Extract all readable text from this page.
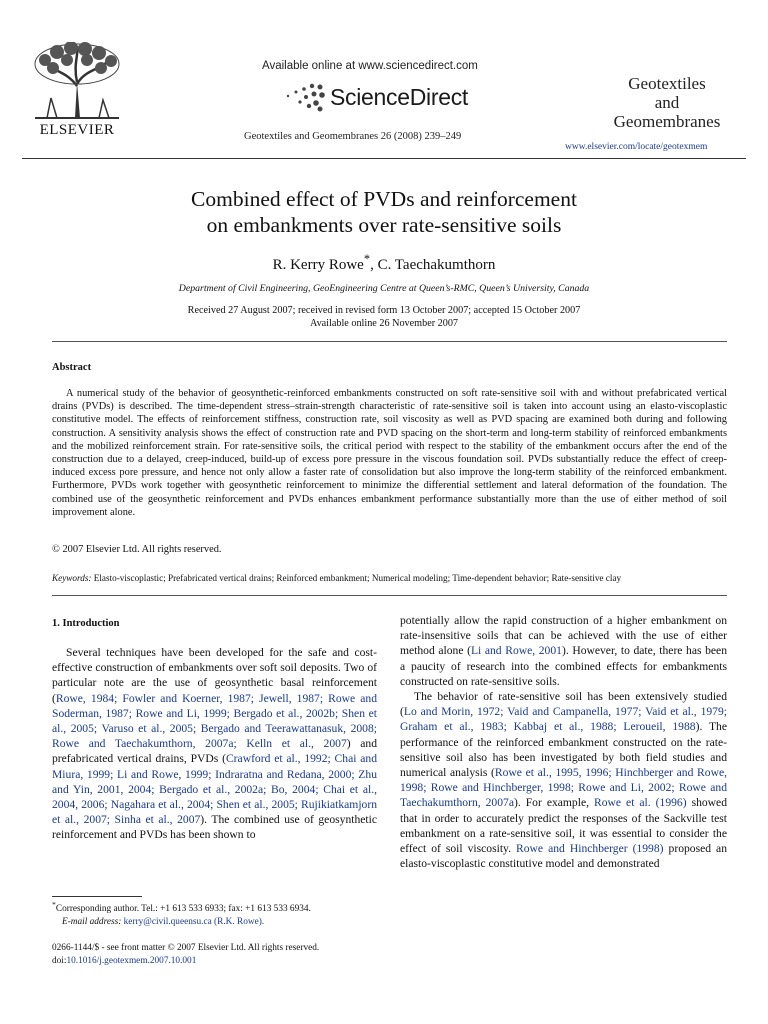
ELSEVIER
Available online at www.sciencedirect.com
ScienceDirect
Geotextiles and Geomembranes 26 (2008) 239–249
Geotextiles
and
Geomembranes
www.elsevier.com/locate/geotexmem
Combined effect of PVDs and reinforcement
on embankments over rate-sensitive soils
R. Kerry Rowe*, C. Taechakumthorn
Department of Civil Engineering, GeoEngineering Centre at Queen’s-RMC, Queen’s University, Canada
Received 27 August 2007; received in revised form 13 October 2007; accepted 15 October 2007
Available online 26 November 2007
Abstract
A numerical study of the behavior of geosynthetic-reinforced embankments constructed on soft rate-sensitive soil with and without prefabricated vertical drains (PVDs) is described. The time-dependent stress–strain-strength characteristic of rate-sensitive soil is taken into account using an elasto-viscoplastic constitutive model. The effects of reinforcement stiffness, construction rate, soil viscosity as well as PVD spacing are examined both during and following construction. A sensitivity analysis shows the effect of construction rate and PVD spacing on the short-term and long-term stability of reinforced embankments and the mobilized reinforcement strain. For rate-sensitive soils, the critical period with respect to the stability of the embankment occurs after the end of the construction due to a delayed, creep-induced, build-up of excess pore pressure in the viscous foundation soil. PVDs substantially reduce the effect of creep-induced excess pore pressure, and hence not only allow a faster rate of consolidation but also improve the long-term stability of the reinforced embankment. Furthermore, PVDs work together with geosynthetic reinforcement to minimize the differential settlement and lateral deformation of the foundation. The combined use of the geosynthetic reinforcement and PVDs enhances embankment performance substantially more than the use of either method of soil improvement alone.
© 2007 Elsevier Ltd. All rights reserved.
Keywords: Elasto-viscoplastic; Prefabricated vertical drains; Reinforced embankment; Numerical modeling; Time-dependent behavior; Rate-sensitive clay
1. Introduction

Several techniques have been developed for the safe and cost-effective construction of embankments over soft soil deposits. Two of particular note are the use of geosynthetic basal reinforcement (Rowe, 1984; Fowler and Koerner, 1987; Jewell, 1987; Rowe and Soderman, 1987; Rowe and Li, 1999; Bergado et al., 2002b; Shen et al., 2005; Varuso et al., 2005; Bergado and Teerawattanasuk, 2008; Rowe and Taechakumthorn, 2007a; Kelln et al., 2007) and prefabricated vertical drains, PVDs (Crawford et al., 1992; Chai and Miura, 1999; Li and Rowe, 1999; Indraratna and Redana, 2000; Zhu and Yin, 2001, 2004; Bergado et al., 2002a; Bo, 2004; Chai et al., 2004, 2006; Nagahara et al., 2004; Shen et al., 2005; Rujikiatkamjorn et al., 2007; Sinha et al., 2007). The combined use of geosynthetic reinforcement and PVDs has been shown to

potentially allow the rapid construction of a higher embankment on rate-insensitive soils that can be achieved with the use of either method alone (Li and Rowe, 2001). However, to date, there has been a paucity of research into the combined effects for embankments constructed on rate-sensitive soils.

The behavior of rate-sensitive soil has been extensively studied (Lo and Morin, 1972; Vaid and Campanella, 1977; Vaid et al., 1979; Graham et al., 1983; Kabbaj et al., 1988; Leroueil, 1988). The performance of the reinforced embankment constructed on the rate-sensitive soil also has been investigated by both field studies and numerical analysis (Rowe et al., 1995, 1996; Hinchberger and Rowe, 1998; Rowe and Hinchberger, 1998; Rowe and Li, 2002; Rowe and Taechakumthorn, 2007a). For example, Rowe et al. (1996) showed that in order to accurately predict the responses of the Sackville test embankment on a rate-sensitive soil, it was essential to consider the effect of soil viscosity. Rowe and Hinchberger (1998) proposed an elasto-viscoplastic constitutive model and demonstrated

*Corresponding author. Tel.: +1 613 533 6933; fax: +1 613 533 6934.
E-mail address: kerry@civil.queensu.ca (R.K. Rowe).
0266-1144/$ - see front matter © 2007 Elsevier Ltd. All rights reserved.
doi:10.1016/j.geotexmem.2007.10.001
